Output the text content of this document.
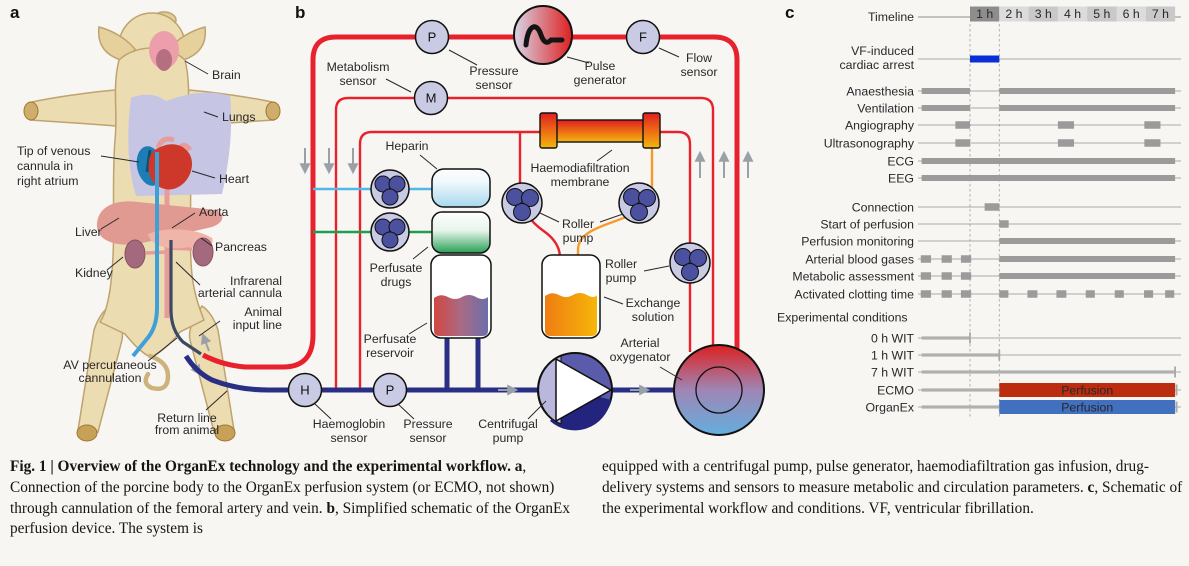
a
Brain
Lungs
Tip of venous
cannula in
right atrium	Heart
Aorta
Liver
Pancreas
Kidney
Infrarenal
arterial cannula
Animal
input line
AV percutaneous
cannulation
Return line
from animal
b
P	F
M
H	P
Metabolism
sensor
Pressure
sensor
Pulse
generator
Flow
sensor
Heparin
Haemodiafiltration
membrane
Roller
pump
Roller
pump
Perfusate
drugs
Perfusate
reservoir
Exchange
solution
Arterial
oxygenator
Haemoglobin
sensor
Pressure
sensor
Centrifugal
pump
c	Timeline	1 h 2 h 3 h 4 h 5 h 6 h 7 h
VF-induced
cardiac arrest
Anaesthesia
Ventilation
Angiography
Ultrasonography
ECG
EEG
Connection
Start of perfusion
Perfusion monitoring
Arterial blood gases
Metabolic assessment
Activated clotting time
Experimental conditions
0 h WIT
1 h WIT
7 h WIT
ECMO	Perfusion
OrganEx	Perfusion
Fig. 1 | Overview of the OrganEx technology and the experimental workflow. a, Connection of the porcine body to the OrganEx perfusion system (or ECMO, not shown) through cannulation of the femoral artery and vein. b, Simplified schematic of the OrganEx perfusion device. The system is
equipped with a centrifugal pump, pulse generator, haemodiafiltration gas infusion, drug-delivery systems and sensors to measure metabolic and circulation parameters. c, Schematic of the experimental workflow and conditions. VF, ventricular fibrillation.
